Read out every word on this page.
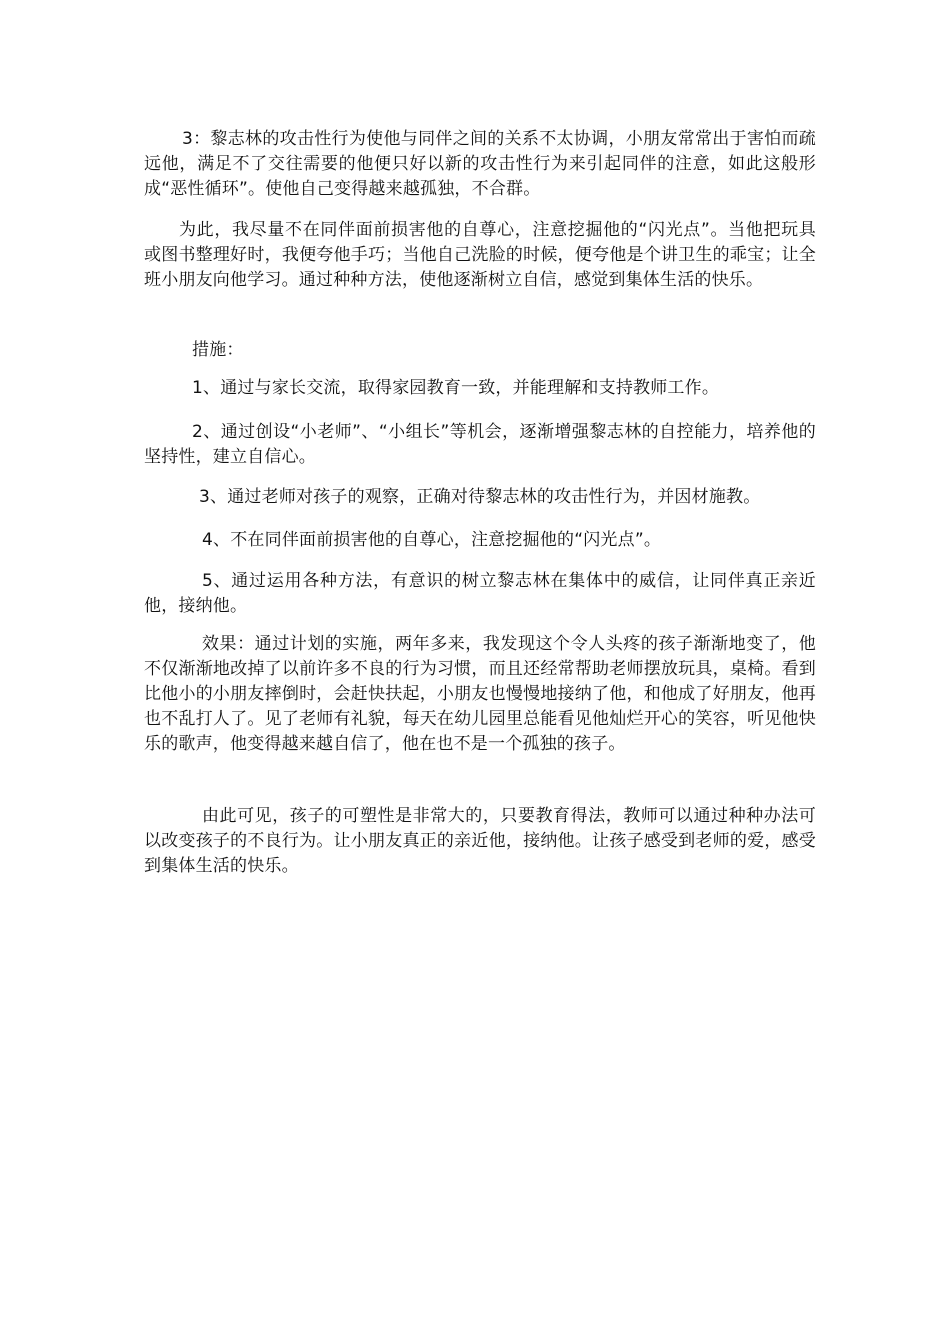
3：黎志林的攻击性行为使他与同伴之间的关系不太协调，小朋友常常出于害怕而疏远他，满足不了交往需要的他便只好以新的攻击性行为来引起同伴的注意，如此这般形成“恶性循环”。使他自己变得越来越孤独，不合群。

为此，我尽量不在同伴面前损害他的自尊心，注意挖掘他的“闪光点”。当他把玩具或图书整理好时，我便夸他手巧；当他自己洗脸的时候，便夸他是个讲卫生的乖宝；让全班小朋友向他学习。通过种种方法，使他逐渐树立自信，感觉到集体生活的快乐。

措施：

1、通过与家长交流，取得家园教育一致，并能理解和支持教师工作。

2、通过创设“小老师”、“小组长”等机会，逐渐增强黎志林的自控能力，培养他的坚持性，建立自信心。

3、通过老师对孩子的观察，正确对待黎志林的攻击性行为，并因材施教。

4、不在同伴面前损害他的自尊心，注意挖掘他的“闪光点”。

5、通过运用各种方法，有意识的树立黎志林在集体中的威信，让同伴真正亲近他，接纳他。

效果：通过计划的实施，两年多来，我发现这个令人头疼的孩子渐渐地变了，他不仅渐渐地改掉了以前许多不良的行为习惯，而且还经常帮助老师摆放玩具，桌椅。看到比他小的小朋友摔倒时，会赶快扶起，小朋友也慢慢地接纳了他，和他成了好朋友，他再也不乱打人了。见了老师有礼貌，每天在幼儿园里总能看见他灿烂开心的笑容，听见他快乐的歌声，他变得越来越自信了，他在也不是一个孤独的孩子。

由此可见，孩子的可塑性是非常大的，只要教育得法，教师可以通过种种办法可以改变孩子的不良行为。让小朋友真正的亲近他，接纳他。让孩子感受到老师的爱，感受到集体生活的快乐。
